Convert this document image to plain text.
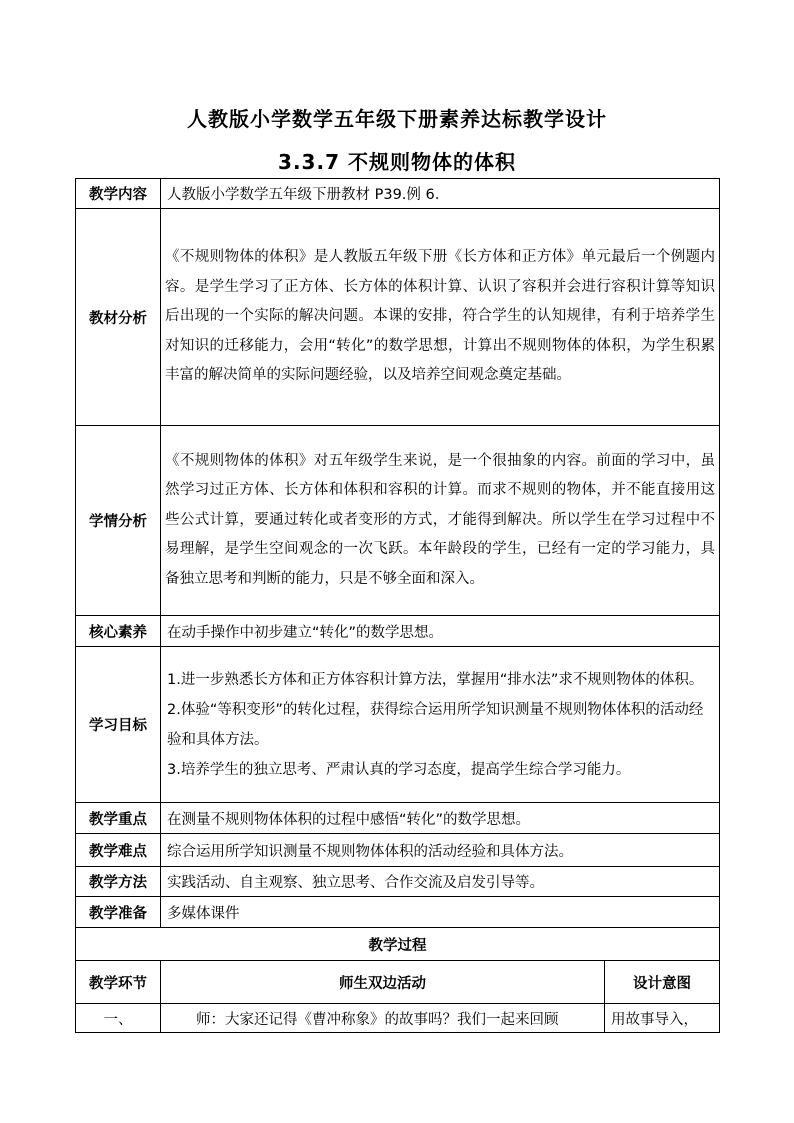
人教版小学数学五年级下册素养达标教学设计
3.3.7 不规则物体的体积
教学内容	人教版小学数学五年级下册教材 P39.例 6.	
教材分析	《不规则物体的体积》是人教版五年级下册《长方体和正方体》单元最后一个例题内容。是学生学习了正方体、长方体的体积计算、认识了容积并会进行容积计算等知识后出现的一个实际的解决问题。本课的安排，符合学生的认知规律，有利于培养学生对知识的迁移能力，会用“转化”的数学思想，计算出不规则物体的体积，为学生积累丰富的解决简单的实际问题经验，以及培养空间观念奠定基础。	
学情分析	《不规则物体的体积》对五年级学生来说，是一个很抽象的内容。前面的学习中，虽然学习过正方体、长方体和体积和容积的计算。而求不规则的物体，并不能直接用这些公式计算，要通过转化或者变形的方式，才能得到解决。所以学生在学习过程中不易理解，是学生空间观念的一次飞跃。本年龄段的学生，已经有一定的学习能力，具备独立思考和判断的能力，只是不够全面和深入。	
核心素养	在动手操作中初步建立“转化”的数学思想。	
学习目标	1.进一步熟悉长方体和正方体容积计算方法，掌握用“排水法”求不规则物体的体积。

2.体验“等积变形”的转化过程，获得综合运用所学知识测量不规则物体体积的活动经验和具体方法。

3.培养学生的独立思考、严肃认真的学习态度，提高学生综合学习能力。	

教学重点	在测量不规则物体体积的过程中感悟“转化”的数学思想。	
教学难点	综合运用所学知识测量不规则物体体积的活动经验和具体方法。	
教学方法	实践活动、自主观察、独立思考、合作交流及启发引导等。	
教学准备	多媒体课件	
教学过程		
教学环节	师生双边活动	设计意图
一、	师：大家还记得《曹冲称象》的故事吗？我们一起来回顾	用故事导入，
